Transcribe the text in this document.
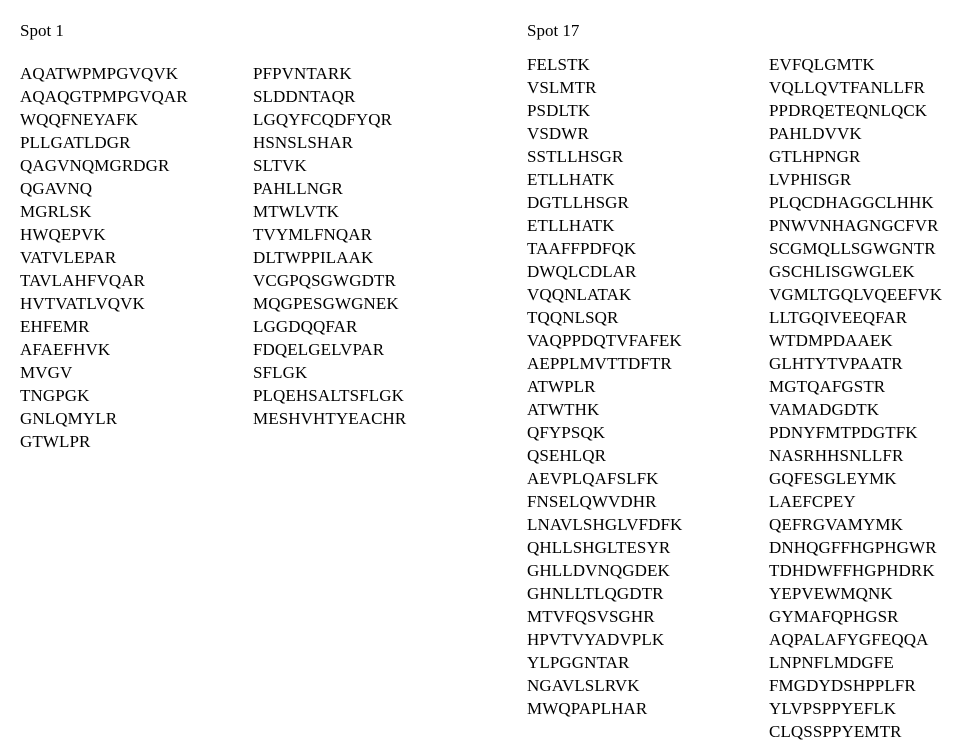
Spot 1
AQATWPMPGVQVK
AQAQGTPMPGVQAR
WQQFNEYAFK
PLLGATLDGR
QAGVNQMGRDGR
QGAVNQ
MGRLSK
HWQEPVK
VATVLEPAR
TAVLAHFVQAR
HVTVATLVQVK
EHFEMR
AFAEFHVK
MVGV
TNGPGK
GNLQMYLR
GTWLPR
PFPVNTARK
SLDDNTAQR
LGQYFCQDFYQR
HSNSLSHAR
SLTVK
PAHLLNGR
MTWLVTK
TVYMLFNQAR
DLTWPPILAAK
VCGPQSGWGDTR
MQGPESGWGNEK
LGGDQQFAR
FDQELGELVPAR
SFLGK
PLQEHSALTSFLGK
MESHVHTYEACHR
Spot 17
FELSTK
VSLMTR
PSDLTK
VSDWR
SSTLLHSGR
ETLLHATK
DGTLLHSGR
ETLLHATK
TAAFFPDFQK
DWQLCDLAR
VQQNLATAK
TQQNLSQR
VAQPPDQTVFAFEK
AEPPLMVTTDFTR
ATWPLR
ATWTHK
QFYPSQK
QSEHLQR
AEVPLQAFSLFK
FNSELQWVDHR
LNAVLSHGLVFDFK
QHLLSHGLTESYR
GHLLDVNQGDEK
GHNLLTLQGDTR
MTVFQSVSGHR
HPVTVYADVPLK
YLPGGNTAR
NGAVLSLRVK
MWQPAPLHAR
EVFQLGMTK
VQLLQVTFANLLFR
PPDRQETEQNLQCK
PAHLDVVK
GTLHPNGR
LVPHISGR
PLQCDHAGGCLHHK
PNWVNHAGNGCFVR
SCGMQLLSGWGNTR
GSCHLISGWGLEK
VGMLTGQLVQEEFVK
LLTGQIVEEQFAR
WTDMPDAAEK
GLHTYTVPAATR
MGTQAFGSTR
VAMADGDTK
PDNYFMTPDGTFK
NASRHHSNLLFR
GQFESGLEYMK
LAEFCPEY
QEFRGVAMYMK
DNHQGFFHGPHGWR
TDHDWFFHGPHDRK
YEPVEWMQNK
GYMAFQPHGSR
AQPALAFYGFEQQA
LNPNFLMDGFE
FMGDYDSHPPLFR
YLVPSPPYEFLK
CLQSSPPYEMTR
